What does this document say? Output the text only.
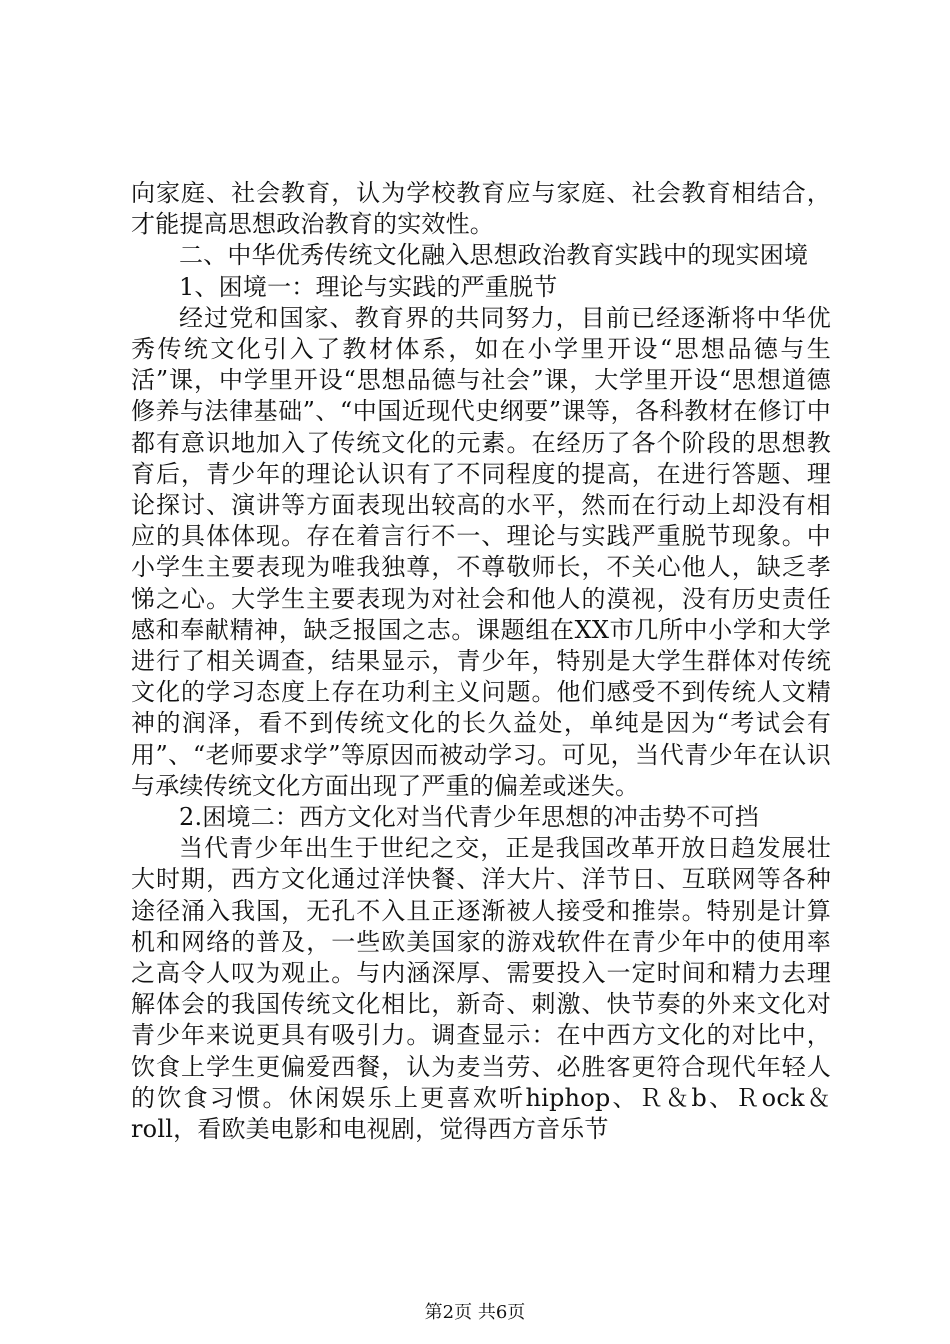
向家庭、社会教育，认为学校教育应与家庭、社会教育相结合，才能提高思想政治教育的实效性。

二、中华优秀传统文化融入思想政治教育实践中的现实困境

1、困境一：理论与实践的严重脱节

经过党和国家、教育界的共同努力，目前已经逐渐将中华优秀传统文化引入了教材体系，如在小学里开设“思想品德与生活”课，中学里开设“思想品德与社会”课，大学里开设“思想道德修养与法律基础”、“中国近现代史纲要”课等，各科教材在修订中都有意识地加入了传统文化的元素。在经历了各个阶段的思想教育后，青少年的理论认识有了不同程度的提高，在进行答题、理论探讨、演讲等方面表现出较高的水平，然而在行动上却没有相应的具体体现。存在着言行不一、理论与实践严重脱节现象。中小学生主要表现为唯我独尊，不尊敬师长，不关心他人，缺乏孝悌之心。大学生主要表现为对社会和他人的漠视，没有历史责任感和奉献精神，缺乏报国之志。课题组在XX市几所中小学和大学进行了相关调查，结果显示，青少年，特别是大学生群体对传统文化的学习态度上存在功利主义问题。他们感受不到传统人文精神的润泽，看不到传统文化的长久益处，单纯是因为“考试会有用”、“老师要求学”等原因而被动学习。可见，当代青少年在认识与承续传统文化方面出现了严重的偏差或迷失。

2.困境二：西方文化对当代青少年思想的冲击势不可挡

当代青少年出生于世纪之交，正是我国改革开放日趋发展壮大时期，西方文化通过洋快餐、洋大片、洋节日、互联网等各种途径涌入我国，无孔不入且正逐渐被人接受和推崇。特别是计算机和网络的普及，一些欧美国家的游戏软件在青少年中的使用率之高令人叹为观止。与内涵深厚、需要投入一定时间和精力去理解体会的我国传统文化相比，新奇、刺激、快节奏的外来文化对青少年来说更具有吸引力。调查显示：在中西方文化的对比中，饮食上学生更偏爱西餐，认为麦当劳、必胜客更符合现代年轻人的饮食习惯。休闲娱乐上更喜欢听hiphop、Ｒ＆b、Ｒock＆roll，看欧美电影和电视剧，觉得西方音乐节

第2页 共6页
